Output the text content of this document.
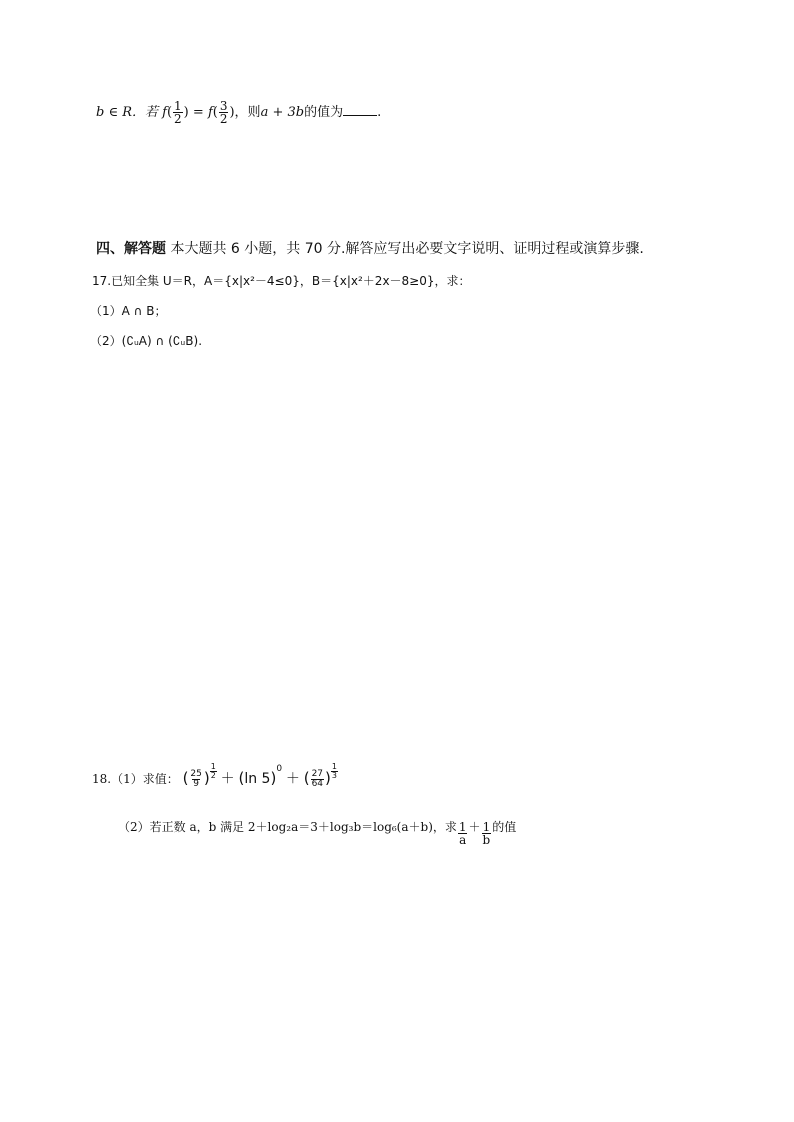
b ∈ R．若 $f( \frac{1}{2}$ ) = $f( \frac{3}{2}$ )，则a + 3b的值为	.
四、解答题 本大题共 6 小题，共 70 分.解答应写出必要文字说明、证明过程或演算步骤.
17.已知全集 U＝R，A＝{x|x²－4≤0}，B＝{x|x²＋2x－8≥0}，求：
（1）A ∩ B；
（2）(∁ᵤA) ∩ (∁ᵤB).
18.（1）求值： ( $\frac{25}{9}$ ) $\frac{1}{2} + (\ln$ 5)$^0$ ＋ ( $\frac{27}{64}$ ) $\frac{1}{3}$
（2）若正数 a，b 满足 2＋log₂a＝3＋log₃b＝log₆(a＋b)，求 $\frac{1}{a} + \frac{1}{b}$ 的值
